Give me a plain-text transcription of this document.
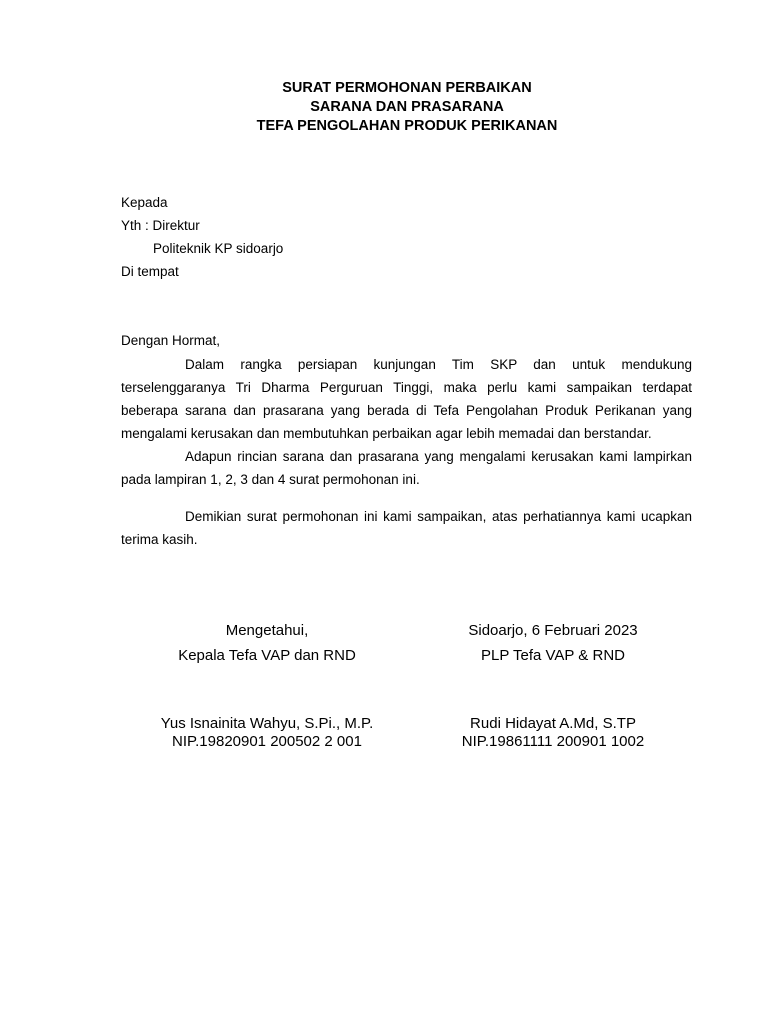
SURAT PERMOHONAN PERBAIKAN
SARANA DAN PRASARANA
TEFA PENGOLAHAN PRODUK PERIKANAN
Kepada
Yth : Direktur
Politeknik KP sidoarjo
Di tempat
Dengan Hormat,

Dalam rangka persiapan kunjungan Tim SKP dan untuk mendukung terselenggaranya Tri Dharma Perguruan Tinggi, maka perlu kami sampaikan terdapat beberapa sarana dan prasarana yang berada di Tefa Pengolahan Produk Perikanan yang mengalami kerusakan dan membutuhkan perbaikan agar lebih memadai dan berstandar.

Adapun rincian sarana dan prasarana yang mengalami kerusakan kami lampirkan pada lampiran 1, 2, 3 dan 4 surat permohonan ini.

Demikian surat permohonan ini kami sampaikan, atas perhatiannya kami ucapkan terima kasih.

Mengetahui,
Kepala Tefa VAP dan RND
Yus Isnainita Wahyu, S.Pi., M.P.
NIP.19820901 200502 2 001
Sidoarjo, 6 Februari 2023
PLP Tefa VAP & RND
Rudi Hidayat A.Md, S.TP
NIP.19861111 200901 1002
